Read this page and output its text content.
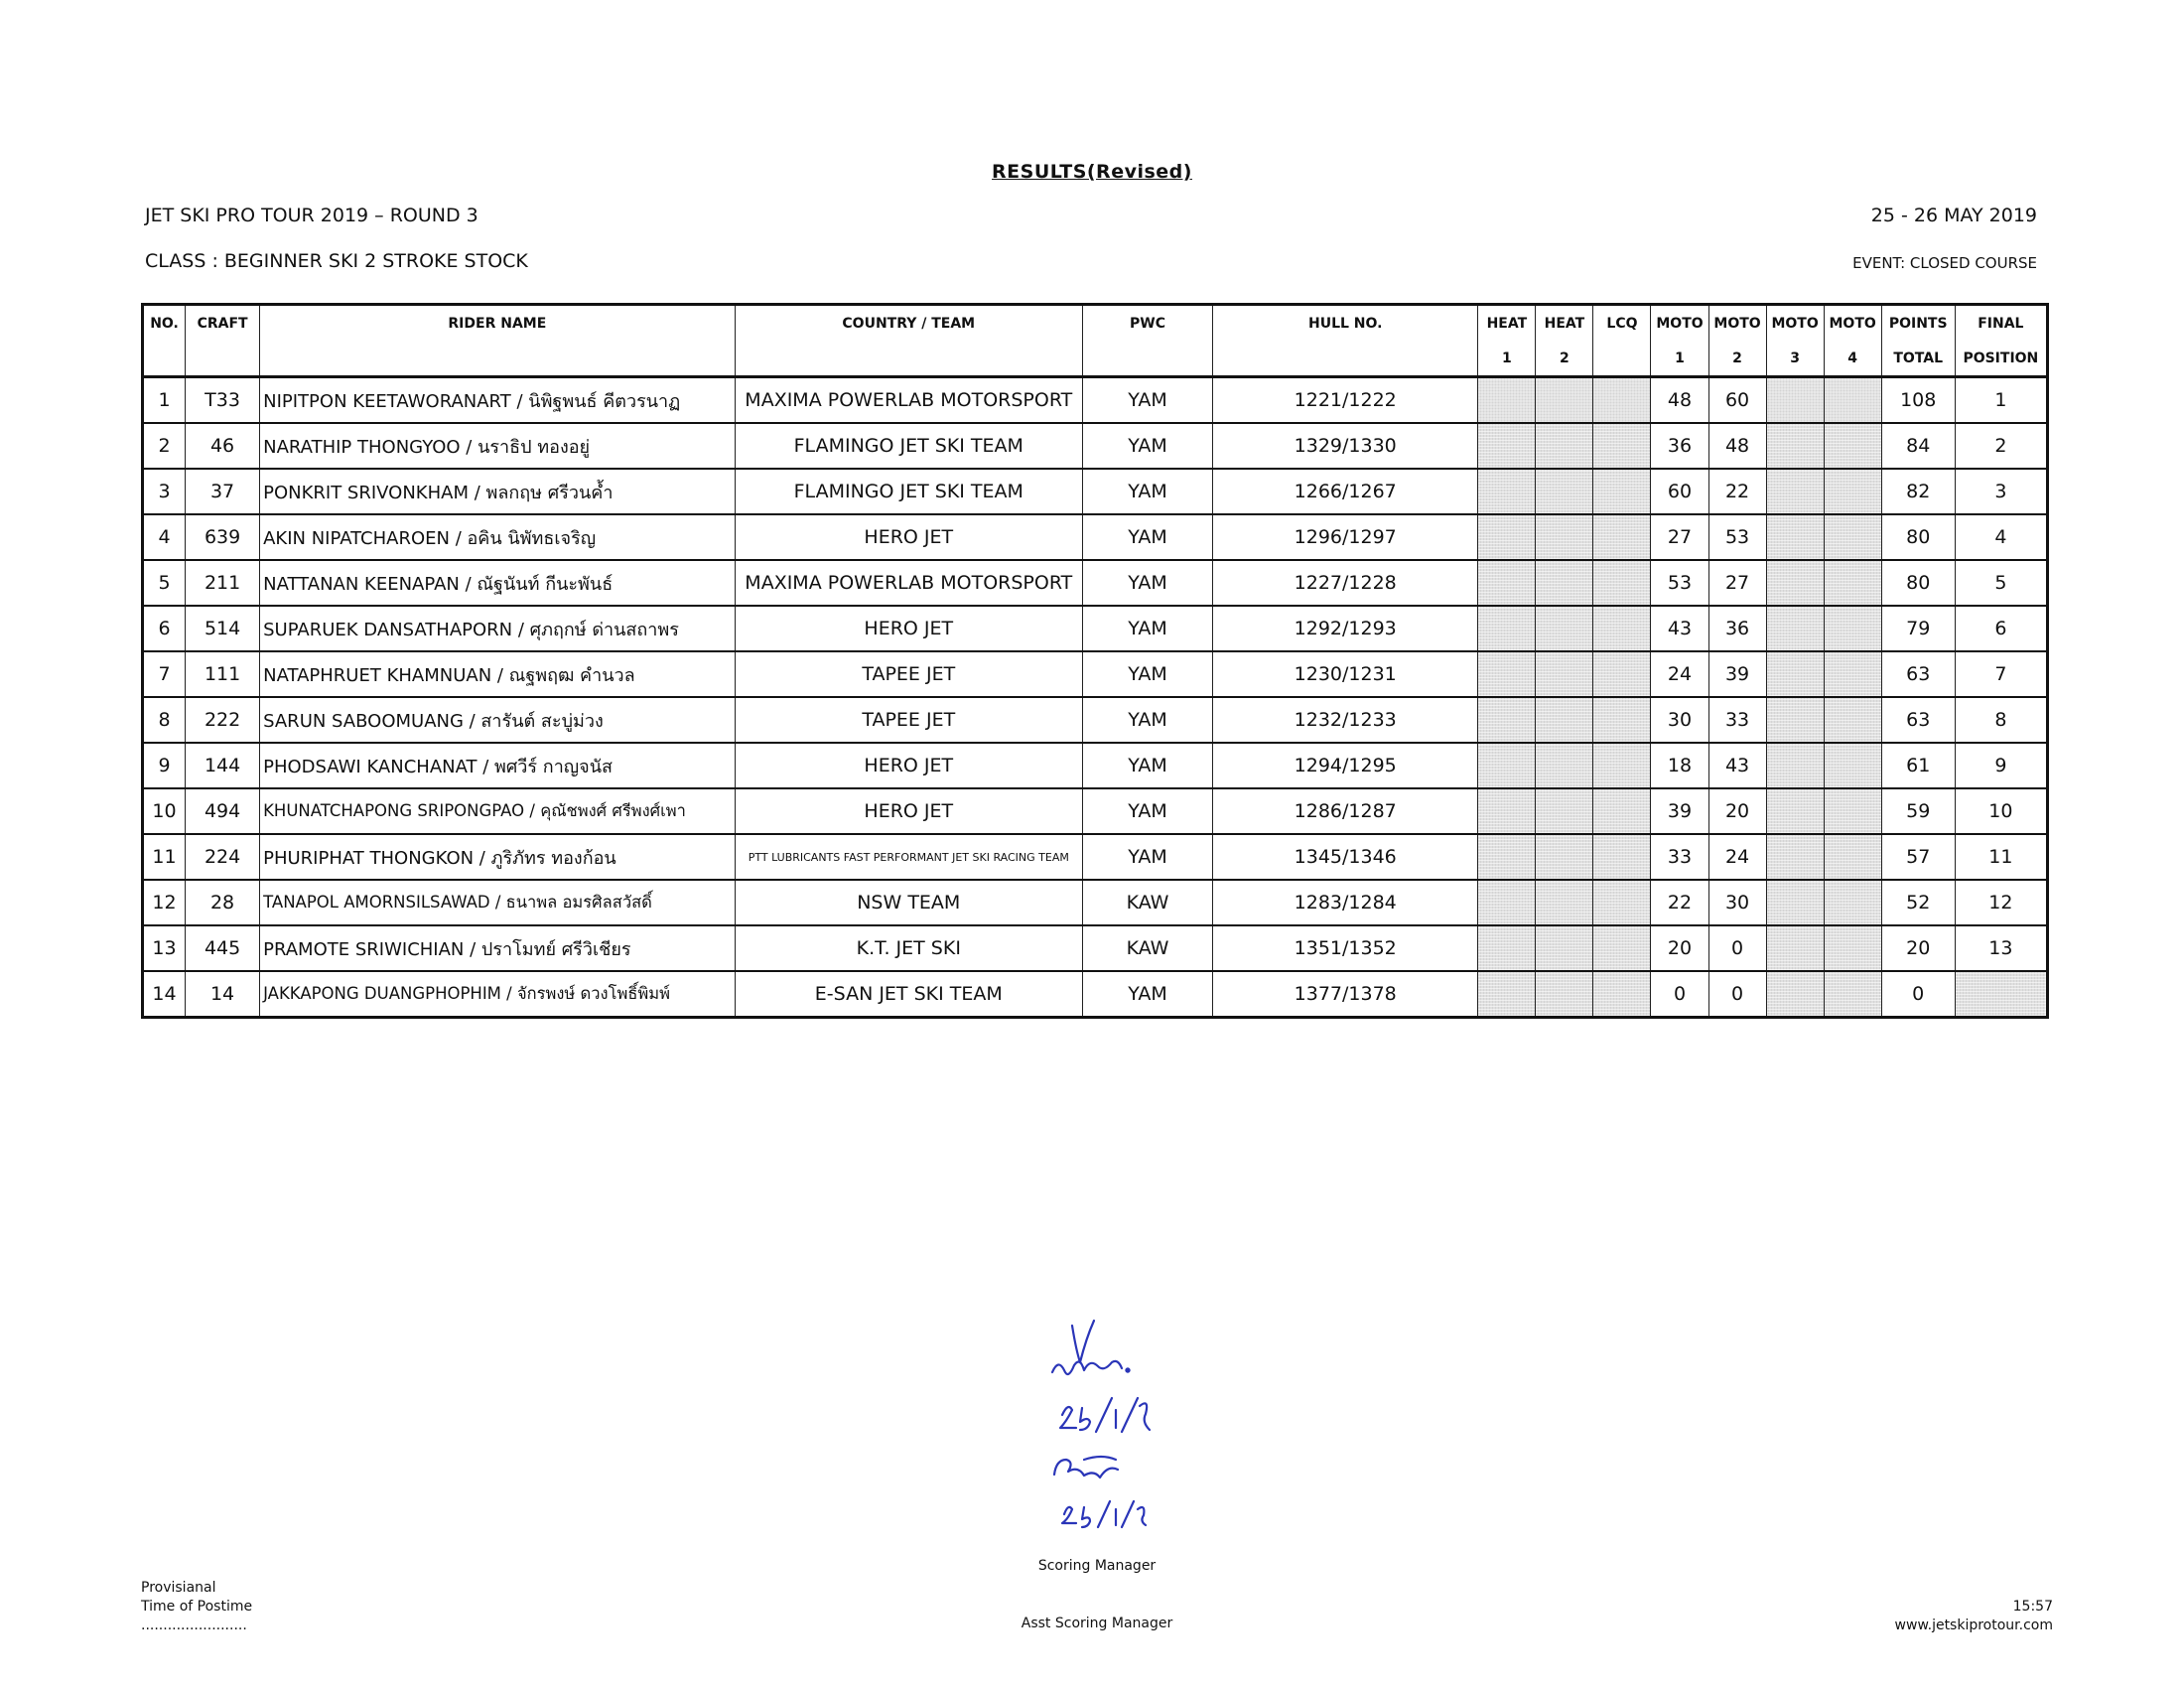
RESULTS(Revised)
JET SKI PRO TOUR 2019 – ROUND 3	25 - 26 MAY 2019
CLASS : BEGINNER SKI 2 STROKE STOCK	EVENT: CLOSED COURSE
NO.	CRAFT	RIDER NAME	COUNTRY / TEAM	PWC	HULL NO.	HEAT	HEAT	LCQ	MOTO	MOTO	MOTO	MOTO	POINTS	FINAL
						1	2		1	2	3	4	TOTAL	POSITION
1	T33	NIPITPON KEETAWORANART / นิพิฐพนธ์ คีตวรนาฏ	MAXIMA POWERLAB MOTORSPORT	YAM	1221/1222				48	60			108	1
2	46	NARATHIP THONGYOO / นราธิป ทองอยู่	FLAMINGO JET SKI TEAM	YAM	1329/1330				36	48			84	2
3	37	PONKRIT SRIVONKHAM / พลกฤษ ศรีวนค้ำ	FLAMINGO JET SKI TEAM	YAM	1266/1267				60	22			82	3
4	639	AKIN NIPATCHAROEN / อคิน นิพัทธเจริญ	HERO JET	YAM	1296/1297				27	53			80	4
5	211	NATTANAN KEENAPAN / ณัฐนันท์ กีนะพันธ์	MAXIMA POWERLAB MOTORSPORT	YAM	1227/1228				53	27			80	5
6	514	SUPARUEK DANSATHAPORN / ศุภฤกษ์ ด่านสถาพร	HERO JET	YAM	1292/1293				43	36			79	6
7	111	NATAPHRUET KHAMNUAN / ณฐพฤฒ คำนวล	TAPEE JET	YAM	1230/1231				24	39			63	7
8	222	SARUN SABOOMUANG / สารันต์ สะบู่ม่วง	TAPEE JET	YAM	1232/1233				30	33			63	8
9	144	PHODSAWI KANCHANAT / พศวีร์ กาญจนัส	HERO JET	YAM	1294/1295				18	43			61	9
10	494	KHUNATCHAPONG SRIPONGPAO / คุณัชพงศ์ ศรีพงศ์เพา	HERO JET	YAM	1286/1287				39	20			59	10
11	224	PHURIPHAT THONGKON / ภูริภัทร ทองก้อน	PTT LUBRICANTS FAST PERFORMANT JET SKI RACING TEAM	YAM	1345/1346				33	24			57	11
12	28	TANAPOL AMORNSILSAWAD / ธนาพล อมรศิลสวัสดิ์	NSW TEAM	KAW	1283/1284				22	30			52	12
13	445	PRAMOTE SRIWICHIAN / ปราโมทย์ ศรีวิเชียร	K.T. JET SKI	KAW	1351/1352				20	0			20	13
14	14	JAKKAPONG DUANGPHOPHIM / จักรพงษ์ ดวงโพธิ์พิมพ์	E-SAN JET SKI TEAM	YAM	1377/1378				0	0			0	
Scoring Manager
Asst Scoring Manager
Provisianal
Time of Postime
........................
15:57
www.jetskiprotour.com
